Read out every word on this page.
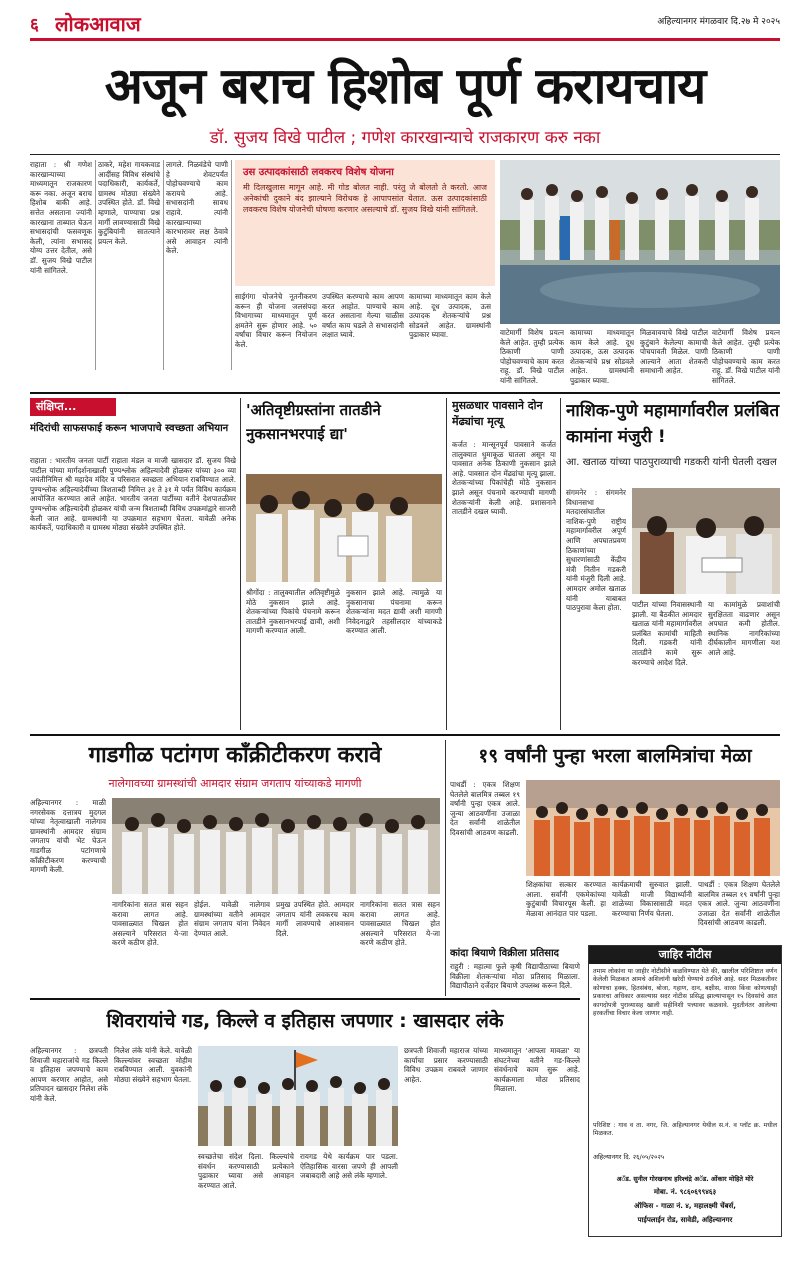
६ लोकआवाज	अहिल्यानगर मंगळवार दि.२७ मे २०२५
अजून बराच हिशोब पूर्ण करायचाय
डॉ. सुजय विखे पाटील ; गणेश कारखान्याचे राजकारण करु नका
राहाता : श्री गणेश कारखान्याच्या माध्यमातून राजकारण करू नका. अजून बराच हिशोब बाकी आहे. सत्तेत असताना ज्यांनी कारखाना ताब्यात घेऊन सभासदांची फसवणूक केली, त्यांना सभासद योग्य उत्तर देतील, असे डॉ. सुजय विखे पाटील यांनी सांगितले.
ठाकरे, महेश गायकवाड आदींसह विविध संस्थांचे पदाधिकारी, कार्यकर्ते, ग्रामस्थ मोठ्या संख्येने उपस्थित होते. डॉ. विखे म्हणाले, पाण्याचा प्रश्न मार्गी लावण्यासाठी विखे कुटुंबियांनी सातत्याने प्रयत्न केले.
लागले. निळवंडेचे पाणी हे शेवटपर्यंत पोहोचवण्याचे काम करायचे आहे. सभासदांनी सावध राहावे. त्यांनी कारखान्याच्या कारभारावर लक्ष ठेवावे असे आवाहन त्यांनी केले.
उस उत्पादकांसाठी लवकरच विशेष योजना
मी दिलखुलास मागून आहे. मी गोड बोलत नाही. परंतु जे बोलतो ते करतो. आज अनेकांची दुकाने बंद झाल्याने विरोधक हे आपापसांत येतात. ऊस उत्पादकांसाठी लवकरच विशेष योजनेची घोषणा करणार असल्याचे डॉ. सुजय विखे यांनी सांगितले.
साईगंगा योजनेचे नूतनीकरण करून ही योजना जलसंपदा विभागाच्या माध्यमातून पूर्ण क्षमतेने सुरू होणार आहे. ५० वर्षांचा विचार करून नियोजन केले.
उपस्थित करण्याचे काम आपण करत आहोत. पाण्याचे काम करत असताना गेल्या चाळीस वर्षात काय घडले ते सभासदांनी लक्षात घ्यावे.
कामाच्या माध्यमातून काम केले आहे. दूध उत्पादक, ऊस उत्पादक शेतकऱ्यांचे प्रश्न सोडवले आहेत. ग्रामस्थांनी पुढाकार घ्यावा.	वाटेमार्गी विशेष प्रयत्न केले आहेत. तुम्ही प्रत्येक ठिकाणी पाणी पोहोचवण्याचे काम करत राहू. डॉ. विखे पाटील यांनी सांगितले.
कामाच्या माध्यमातून काम केले आहे. दूध उत्पादक, ऊस उत्पादक शेतकऱ्यांचे प्रश्न सोडवले आहेत. ग्रामस्थांनी पुढाकार घ्यावा.
मिळवावयाचे विखे पाटील कुटुंबाने केलेल्या कामाची पोचपावती मिळेल. पाणी आल्याने आता शेतकरी समाधानी आहेत.
वाटेमार्गी विशेष प्रयत्न केले आहेत. तुम्ही प्रत्येक ठिकाणी पाणी पोहोचवण्याचे काम करत राहू. डॉ. विखे पाटील यांनी सांगितले.
संक्षिप्त...
मंदिरांची साफसफाई करून भाजपाचे स्वच्छता अभियान
राहाता : भारतीय जनता पार्टी राहाता मंडल व माजी खासदार डॉ. सुजय विखे पाटील यांच्या मार्गदर्शनाखाली पुण्यश्लोक अहिल्यादेवी होळकर यांच्या ३०० व्या जयंतीनिमित्त श्री महादेव मंदिर व परिसरात स्वच्छता अभियान राबविण्यात आले. पुण्यश्लोक अहिल्यादेवींच्या त्रिशताब्दी निमित्त ३१ ते ३१ मे पर्यंत विविध कार्यक्रम आयोजित करण्यात आले आहेत. भारतीय जनता पार्टीच्या वतीने देशपातळीवर पुण्यश्लोक अहिल्यादेवी होळकर यांची जन्म त्रिशताब्दी विविध उपक्रमांद्वारे साजरी केली जात आहे. ग्रामस्थांनी या उपक्रमात सहभाग घेतला. यावेळी अनेक कार्यकर्ते, पदाधिकारी व ग्रामस्थ मोठ्या संख्येने उपस्थित होते.
'अतिवृष्टीग्रस्तांना तातडीने नुकसानभरपाई द्या'
श्रीगोंदा : तालुक्यातील अतिवृष्टीमुळे मोठे नुकसान झाले आहे. शेतकऱ्यांच्या पिकांचे पंचनामे करून तातडीने नुकसानभरपाई द्यावी, अशी मागणी करण्यात आली.
नुकसान झाले आहे. त्यामुळे या नुकसानाचा पंचनामा करून शेतकऱ्यांना मदत द्यावी अशी मागणी निवेदनाद्वारे तहसीलदार यांच्याकडे करण्यात आली.
मुसळधार पावसाने दोन मेंढ्यांचा मृत्यू
कर्जत : मान्सूनपूर्व पावसाने कर्जत तालुक्यात धुमाकूळ घातला असून या पावसात अनेक ठिकाणी नुकसान झाले आहे. पावसात दोन मेंढ्यांचा मृत्यू झाला. शेतकऱ्यांच्या पिकांचेही मोठे नुकसान झाले असून पंचनामे करण्याची मागणी शेतकऱ्यांनी केली आहे. प्रशासनाने तातडीने दखल घ्यावी.
नाशिक-पुणे महामार्गावरील प्रलंबित कामांना मंजुरी !
आ. खताळ यांच्या पाठपुराव्याची गडकरी यांनी घेतली दखल
संगमनेर : संगमनेर विधानसभा मतदारसंघातील नाशिक-पुणे राष्ट्रीय महामार्गावरील अपूर्ण आणि अपघातप्रवण ठिकाणांच्या सुधारणांसाठी केंद्रीय मंत्री नितीन गडकरी यांनी मंजुरी दिली आहे. आमदार अमोल खताळ यांनी याबाबत पाठपुरावा केला होता.	पाटील यांच्या निवासस्थानी झाली. या बैठकीत आमदार खताळ यांनी महामार्गावरील प्रलंबित कामांची माहिती दिली. गडकरी यांनी तातडीने कामे सुरू करण्याचे आदेश दिले.
या कामांमुळे प्रवाशांची सुरक्षितता वाढणार असून अपघात कमी होतील. स्थानिक नागरिकांच्या दीर्घकालीन मागणीला यश आले आहे.
गाडगीळ पटांगण कॉंक्रीटीकरण करावे
नालेगावच्या ग्रामस्थांची आमदार संग्राम जगताप यांच्याकडे मागणी
अहिल्यानगर : माळी नगरसेवक दत्तात्रय मुदगल यांच्या नेतृत्वाखाली नालेगाव ग्रामस्थांनी आमदार संग्राम जगताप यांची भेट घेऊन गाडगीळ पटांगणाचे कॉंक्रीटीकरण करण्याची मागणी केली.
नागरिकांना सतत त्रास सहन करावा लागत आहे. पावसाळ्यात चिखल होत असल्याने परिसरात ये-जा करणे कठीण होते.
होईल. यावेळी नालेगाव ग्रामस्थांच्या वतीने आमदार संग्राम जगताप यांना निवेदन देण्यात आले.
प्रमुख उपस्थित होते. आमदार जगताप यांनी लवकरच काम मार्गी लावण्याचे आश्वासन दिले.
नागरिकांना सतत त्रास सहन करावा लागत आहे. पावसाळ्यात चिखल होत असल्याने परिसरात ये-जा करणे कठीण होते.
१९ वर्षांनी पुन्हा भरला बालमित्रांचा मेळा
पाथर्डी : एकत्र शिक्षण घेतलेले बालमित्र तब्बल १९ वर्षांनी पुन्हा एकत्र आले. जुन्या आठवणींना उजाळा देत सर्वांनी शाळेतील दिवसांची आठवण काढली.
शिक्षकांचा सत्कार करण्यात आला. सर्वांनी एकमेकांच्या कुटुंबाची विचारपूस केली. हा मेळावा आनंदात पार पडला.
कार्यक्रमाची सुरुवात झाली. यावेळी माजी विद्यार्थ्यांनी शाळेच्या विकासासाठी मदत करण्याचा निर्णय घेतला.
पाथर्डी : एकत्र शिक्षण घेतलेले बालमित्र तब्बल १९ वर्षांनी पुन्हा एकत्र आले. जुन्या आठवणींना उजाळा देत सर्वांनी शाळेतील दिवसांची आठवण काढली.
कांदा बियाणे विक्रीला प्रतिसाद
राहुरी : महात्मा फुले कृषी विद्यापीठाच्या बियाणे विक्रीला शेतकऱ्यांचा मोठा प्रतिसाद मिळाला. विद्यापीठाने दर्जेदार बियाणे उपलब्ध करून दिले.
जाहिर नोटीस
तमाम लोकांना या जाहीर नोटीसीने कळविण्यात येते की, खालील परिशिष्टात वर्णन केलेली मिळकत आमचे अशिलांनी खरेदी घेण्याचे ठरविले आहे. सदर मिळकतीवर कोणाचा हक्क, हितसंबंध, बोजा, गहाण, दान, बक्षीस, वारस किंवा कोणत्याही प्रकारचा अधिकार असल्यास सदर नोटीस प्रसिद्ध झाल्यापासून १५ दिवसांचे आत कागदोपत्री पुराव्यासह खाली सहीनिशी पत्त्यावर कळवावे. मुदतीनंतर आलेल्या हरकतींचा विचार केला जाणार नाही.
परिशिष्ट : गाव व ता. नगर, जि. अहिल्यानगर येथील स.नं. व प्लॉट क्र. मधील मिळकत.
अहिल्यानगर दि. २६/०५/२०२५
अॅड. सुनील गोरखनाथ हरिश्चंद्रे अॅड. ओंकार मोहिते मोरे
मोबा. नं. ९८६०६९९४६३
ऑफिस - गाळा नं. ४, महालक्ष्मी चेंबर्स,
पाईपलाईन रोड, सावेडी, अहिल्यानगर
शिवरायांचे गड, किल्ले व इतिहास जपणार : खासदार लंके
अहिल्यानगर : छत्रपती शिवाजी महाराजांचे गड किल्ले व इतिहास जपण्याचे काम आपण करणार आहोत, असे प्रतिपादन खासदार निलेश लंके यांनी केले.
निलेश लंके यांनी केले. यावेळी किल्ल्यांवर स्वच्छता मोहीम राबविण्यात आली. युवकांनी मोठ्या संख्येने सहभाग घेतला.
स्वच्छतेचा संदेश दिला. किल्ल्यांचे संवर्धन करण्यासाठी प्रत्येकाने पुढाकार घ्यावा असे आवाहन करण्यात आले.
रायगड येथे कार्यक्रम पार पडला. ऐतिहासिक वारसा जपणे ही आपली जबाबदारी आहे असे लंके म्हणाले.
छत्रपती शिवाजी महाराज यांच्या कार्याचा प्रसार करण्यासाठी विविध उपक्रम राबवले जाणार आहेत.
माध्यमातून 'आपला मावळा' या संघटनेच्या वतीने गड-किल्ले संवर्धनाचे काम सुरू आहे. कार्यक्रमाला मोठा प्रतिसाद मिळाला.
